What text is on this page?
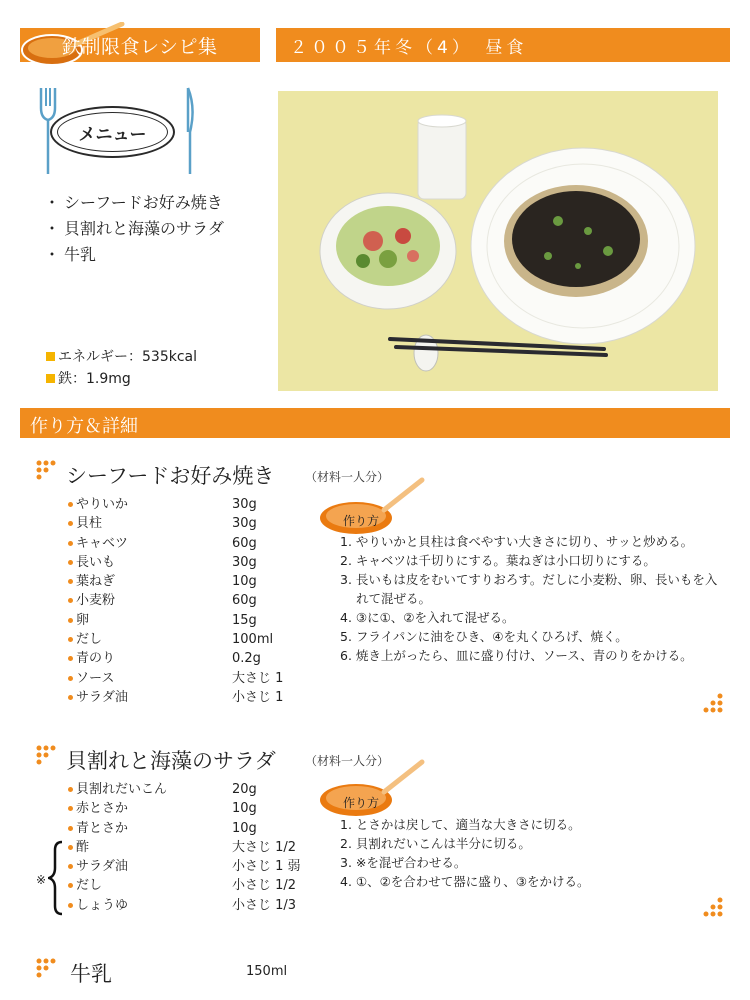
鉄制限食レシピ集	２００５年冬（4）　昼食
メニュー
・ シーフードお好み焼き
・ 貝割れと海藻のサラダ
・ 牛乳
エネルギー：535kcal
鉄：1.9mg
作り方＆詳細
シーフードお好み焼き	（材料一人分）
やりいか	30g
貝柱	30g
キャベツ	60g
長いも	30g
葉ねぎ	10g
小麦粉	60g
卵	15g
だし	100ml
青のり	0.2g
ソース	大さじ 1
サラダ油	小さじ 1
作り方
1. やりいかと貝柱は食べやすい大きさに切り、サッと炒める。
2. キャベツは千切りにする。葉ねぎは小口切りにする。
3. 長いもは皮をむいてすりおろす。だしに小麦粉、卵、長いもを入れて混ぜる。
4. ③に①、②を入れて混ぜる。
5. フライパンに油をひき、④を丸くひろげ、焼く。
6. 焼き上がったら、皿に盛り付け、ソース、青のりをかける。
貝割れと海藻のサラダ （材料一人分）
貝割れだいこん	20g
赤とさか	10g
青とさか	10g
酢	大さじ 1/2
サラダ油	小さじ 1 弱
だし	小さじ 1/2
しょうゆ	小さじ 1/3
※
作り方
1. とさかは戻して、適当な大きさに切る。
2. 貝割れだいこんは半分に切る。
3. ※を混ぜ合わせる。
4. ①、②を合わせて器に盛り、③をかける。
牛乳	150ml
